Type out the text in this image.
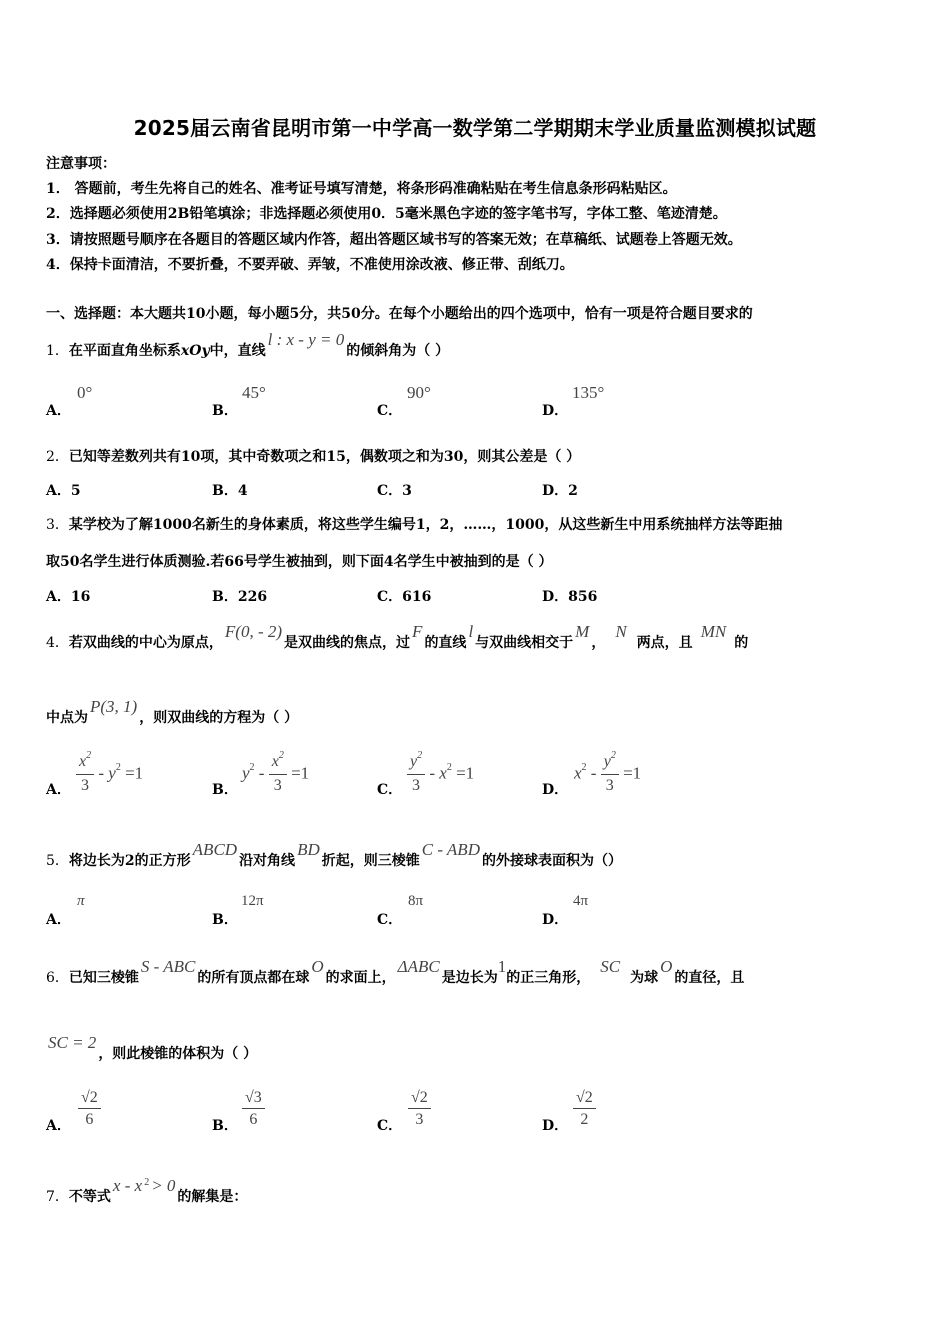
2025届云南省昆明市第一中学高一数学第二学期期末学业质量监测模拟试题
注意事项：
1． 答题前，考生先将自己的姓名、准考证号填写清楚，将条形码准确粘贴在考生信息条形码粘贴区。
2．选择题必须使用2B铅笔填涂；非选择题必须使用0．5毫米黑色字迹的签字笔书写，字体工整、笔迹清楚。
3．请按照题号顺序在各题目的答题区域内作答，超出答题区域书写的答案无效；在草稿纸、试题卷上答题无效。
4．保持卡面清洁，不要折叠，不要弄破、弄皱，不准使用涂改液、修正带、刮纸刀。
一、选择题：本大题共10小题，每小题5分，共50分。在每个小题给出的四个选项中，恰有一项是符合题目要求的
1．在平面直角坐标系xOy中，直线l : x - y = 0的倾斜角为（ ）
A．
0°
B．
45°
C．
90°
D．
135°
2．已知等差数列共有10项，其中奇数项之和15，偶数项之和为30，则其公差是（ ）
A．5	B．4	C．3	D．2
3．某学校为了解1000名新生的身体素质，将这些学生编号1，2，……，1000，从这些新生中用系统抽样方法等距抽
取50名学生进行体质测验.若66号学生被抽到，则下面4名学生中被抽到的是（ ）
A．16	B．226	C．616	D．856
4．若双曲线的中心为原点，F(0, - 2)是双曲线的焦点，过F的直线l与双曲线相交于M，N两点，且MN的
中点为P(3, 1)，则双曲线的方程为（ ）
A． $\frac{x^2}{3} - y^2 =1$
B．
$y^2 - \frac{x^2}{3} =1$
C． $\frac{y^2}{3} - x^2 =1$
D．
$x^2 - \frac{y^2}{3} =1$
5．将边长为2的正方形ABCD沿对角线BD折起，则三棱锥C - ABD的外接球表面积为（）
A．
π
B．
12π
C．
8π
D．
4π
6．已知三棱锥S - ABC的所有顶点都在球O的求面上，ΔABC是边长为1的正三角形，SC为球O的直径，且
SC = 2，则此棱锥的体积为（ ）
A． $\frac{√2}{6}$	B． $\frac{√3}{6}$	C． $\frac{√2}{3}$	D． $\frac{√2}{2}$
7．不等式x - x $^2$ > 0的解集是：
